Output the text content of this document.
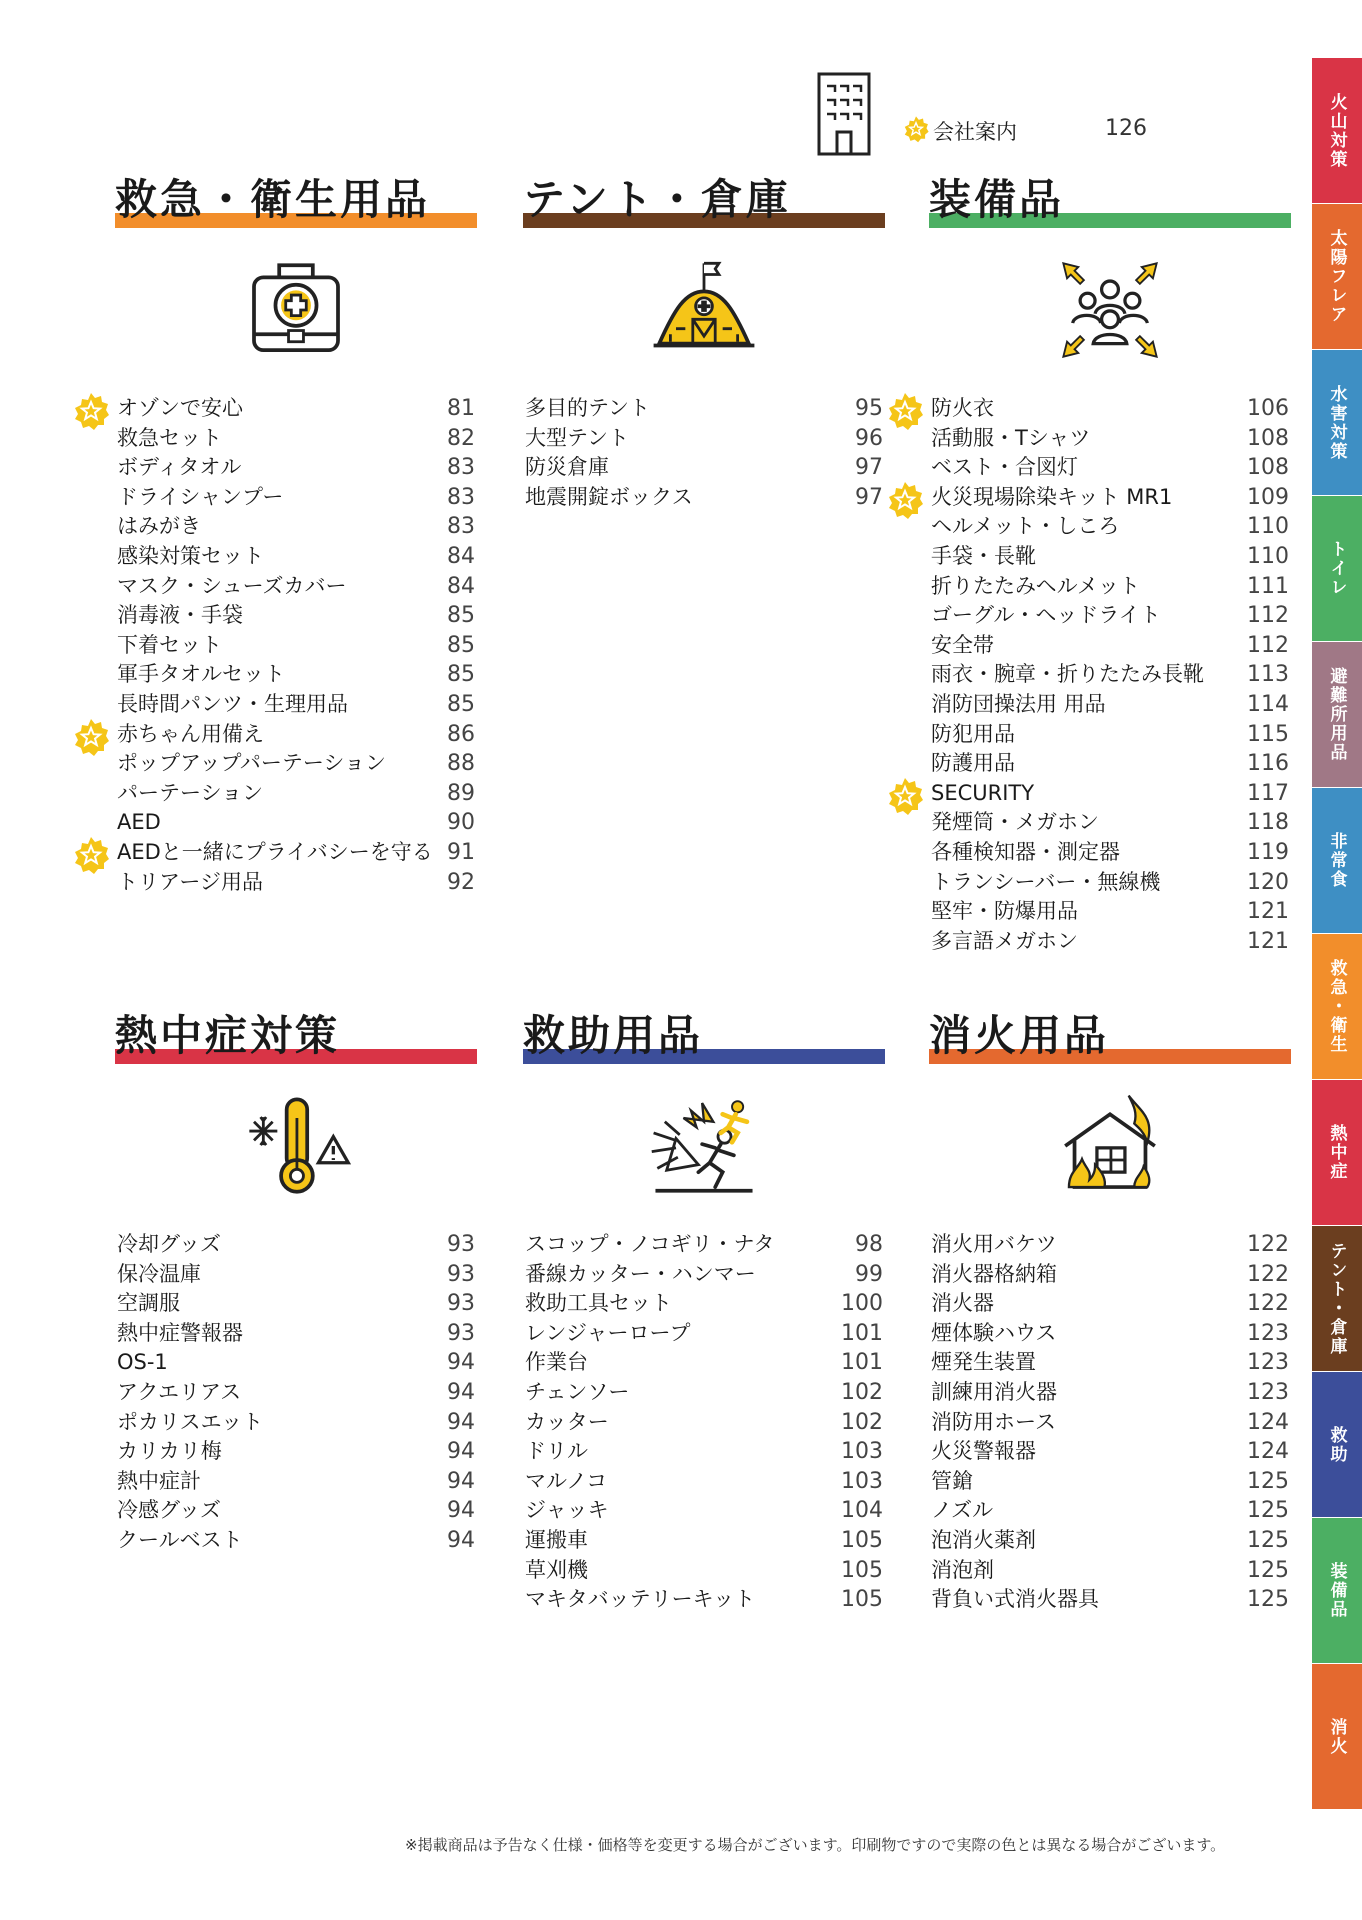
会社案内	126
救急・衛生用品
オゾンで安心	81
救急セット	82
ボディタオル	83
ドライシャンプー	83
はみがき	83
感染対策セット	84
マスク・シューズカバー	84
消毒液・手袋	85
下着セット	85
軍手タオルセット	85
長時間パンツ・生理用品	85
赤ちゃん用備え	86
ポップアップパーテーション	88
パーテーション	89
AED	90
AEDと一緒にプライバシーを守る 91
トリアージ用品	92
テント・倉庫
多目的テント	95
大型テント	96
防災倉庫	97
地震開錠ボックス	97
装備品
防火衣	106
活動服・Tシャツ	108
ベスト・合図灯	108
火災現場除染キット MR1	109
ヘルメット・しころ	110
手袋・長靴	110
折りたたみヘルメット	111
ゴーグル・ヘッドライト	112
安全帯	112
雨衣・腕章・折りたたみ長靴 113
消防団操法用 用品	114
防犯用品	115
防護用品	116
SECURITY	117
発煙筒・メガホン	118
各種検知器・測定器	119
トランシーバー・無線機	120
堅牢・防爆用品	121
多言語メガホン	121
熱中症対策
冷却グッズ	93
保冷温庫	93
空調服	93
熱中症警報器	93
OS-1	94
アクエリアス	94
ポカリスエット	94
カリカリ梅	94
熱中症計	94
冷感グッズ	94
クールベスト	94
救助用品
スコップ・ノコギリ・ナタ	98
番線カッター・ハンマー	99
救助工具セット	100
レンジャーロープ	101
作業台	101
チェンソー	102
カッター	102
ドリル	103
マルノコ	103
ジャッキ	104
運搬車	105
草刈機	105
マキタバッテリーキット	105
消火用品
消火用バケツ	122
消火器格納箱	122
消火器	122
煙体験ハウス	123
煙発生装置	123
訓練用消火器	123
消防用ホース	124
火災警報器	124
管鎗	125
ノズル	125
泡消火薬剤	125
消泡剤	125
背負い式消火器具	125
火山対策
太陽フレア
水害対策
トイレ
避難所用品
非常食
救急・衛生
熱中症
テント・倉庫
救助
装備品
消火
※掲載商品は予告なく仕様・価格等を変更する場合がございます。印刷物ですので実際の色とは異なる場合がございます。
